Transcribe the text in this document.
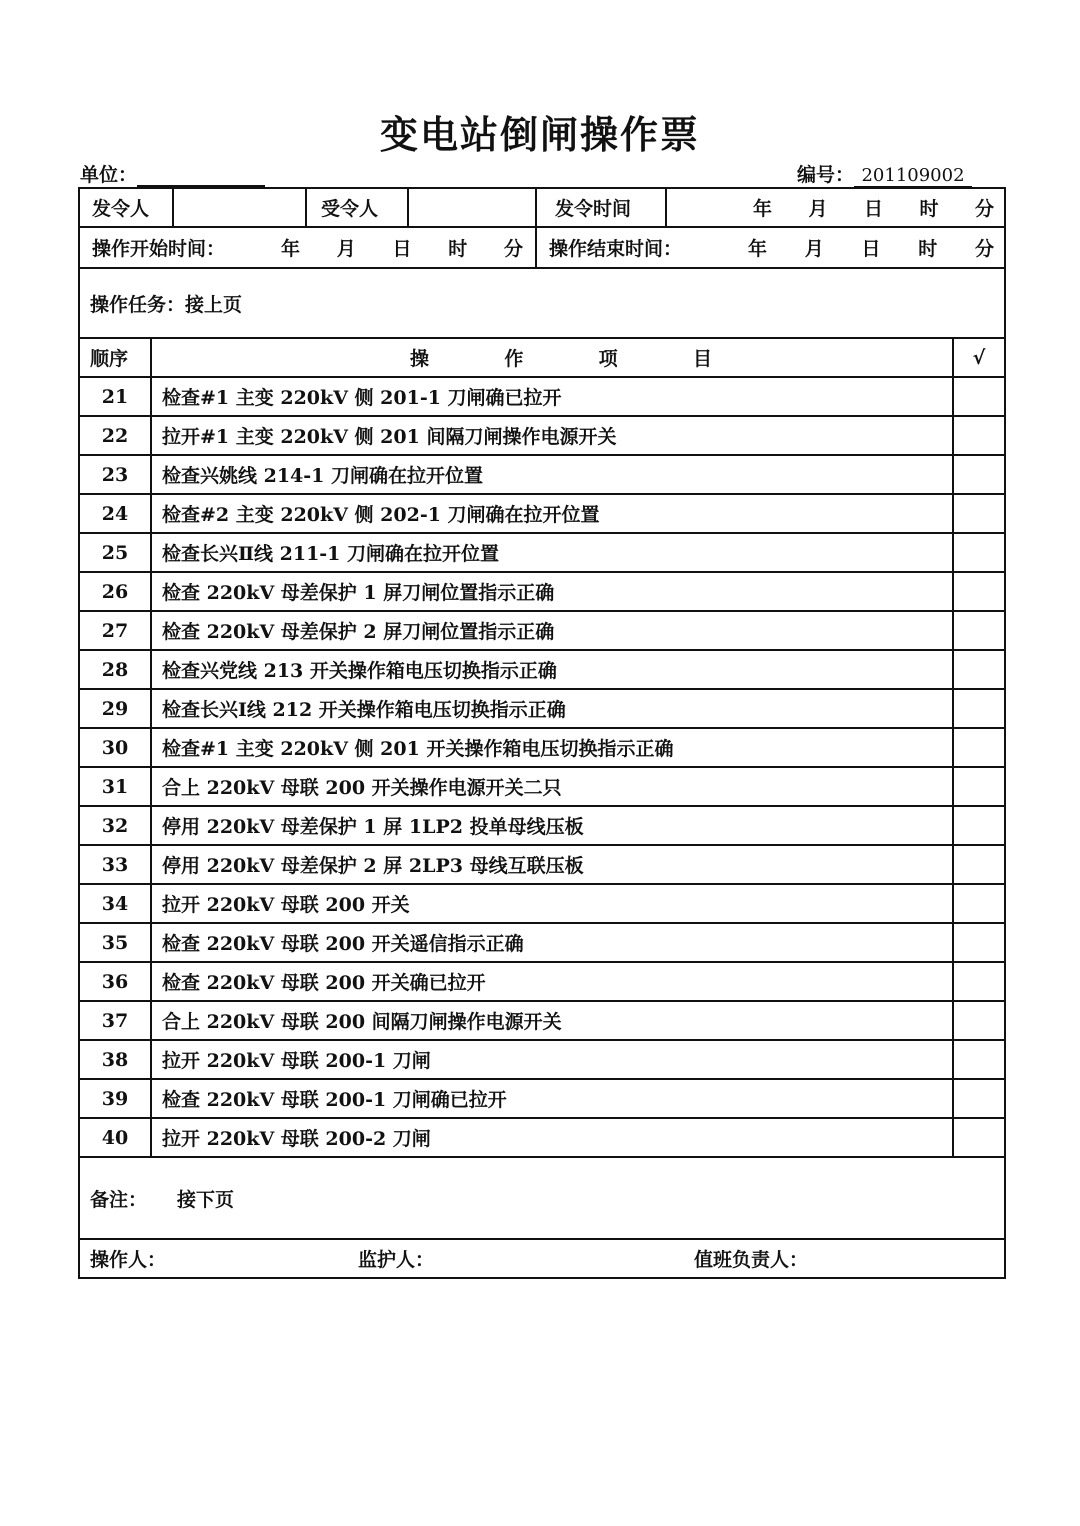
变电站倒闸操作票
单位：	编号： 201109002
发令人		受令人		发令时间	年 月 日 时 分

操作开始时间：	年 月 日 时 分	操作结束时间：	年 月 日 时 分

操作任务：接上页
顺序	操	作	项	目	√
21	检查#1 主变 220kV 侧 201-1 刀闸确已拉开	
22	拉开#1 主变 220kV 侧 201 间隔刀闸操作电源开关	
23	检查兴姚线 214-1 刀闸确在拉开位置	
24	检查#2 主变 220kV 侧 202-1 刀闸确在拉开位置	
25	检查长兴Ⅱ线 211-1 刀闸确在拉开位置	
26	检查 220kV 母差保护 1 屏刀闸位置指示正确	
27	检查 220kV 母差保护 2 屏刀闸位置指示正确	
28	检查兴党线 213 开关操作箱电压切换指示正确	
29	检查长兴Ⅰ线 212 开关操作箱电压切换指示正确	
30	检查#1 主变 220kV 侧 201 开关操作箱电压切换指示正确	
31	合上 220kV 母联 200 开关操作电源开关二只	
32	停用 220kV 母差保护 1 屏 1LP2 投单母线压板	
33	停用 220kV 母差保护 2 屏 2LP3 母线互联压板	
34	拉开 220kV 母联 200 开关	
35	检查 220kV 母联 200 开关遥信指示正确	
36	检查 220kV 母联 200 开关确已拉开	
37	合上 220kV 母联 200 间隔刀闸操作电源开关	
38	拉开 220kV 母联 200-1 刀闸	
39	检查 220kV 母联 200-1 刀闸确已拉开	
40	拉开 220kV 母联 200-2 刀闸	
备注： 接下页
操作人：	监护人：	值班负责人：
